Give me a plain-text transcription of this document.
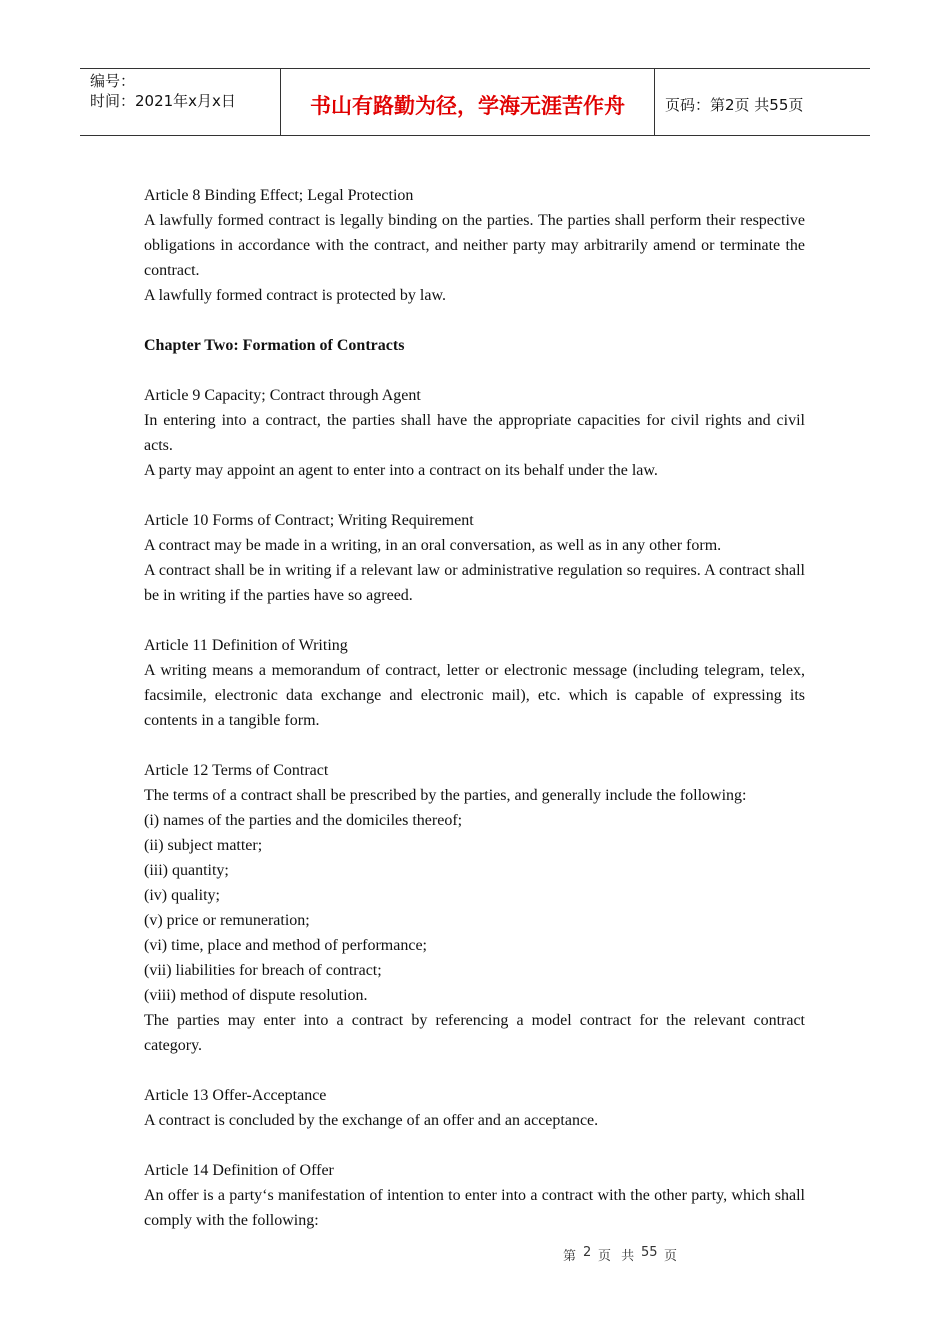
编号：
时间：2021年x月x日	书山有路勤为径，学海无涯苦作舟	页码：第2页 共55页

Article 8 Binding Effect; Legal Protection

A lawfully formed contract is legally binding on the parties. The parties shall perform their respective obligations in accordance with the contract, and neither party may arbitrarily amend or terminate the contract.

A lawfully formed contract is protected by law.

Chapter Two: Formation of Contracts

Article 9 Capacity; Contract through Agent

In entering into a contract, the parties shall have the appropriate capacities for civil rights and civil acts.

A party may appoint an agent to enter into a contract on its behalf under the law.

Article 10 Forms of Contract; Writing Requirement

A contract may be made in a writing, in an oral conversation, as well as in any other form.

A contract shall be in writing if a relevant law or administrative regulation so requires. A contract shall be in writing if the parties have so agreed.

Article 11 Definition of Writing

A writing means a memorandum of contract, letter or electronic message (including telegram, telex, facsimile, electronic data exchange and electronic mail), etc. which is capable of expressing its contents in a tangible form.

Article 12 Terms of Contract

The terms of a contract shall be prescribed by the parties, and generally include the following:

(i) names of the parties and the domiciles thereof;

(ii) subject matter;

(iii) quantity;

(iv) quality;

(v) price or remuneration;

(vi) time, place and method of performance;

(vii) liabilities for breach of contract;

(viii) method of dispute resolution.

The parties may enter into a contract by referencing a model contract for the relevant contract category.

Article 13 Offer-Acceptance

A contract is concluded by the exchange of an offer and an acceptance.

Article 14 Definition of Offer

An offer is a party‘s manifestation of intention to enter into a contract with the other party, which shall comply with the following:

第 2 页 共 55 页
